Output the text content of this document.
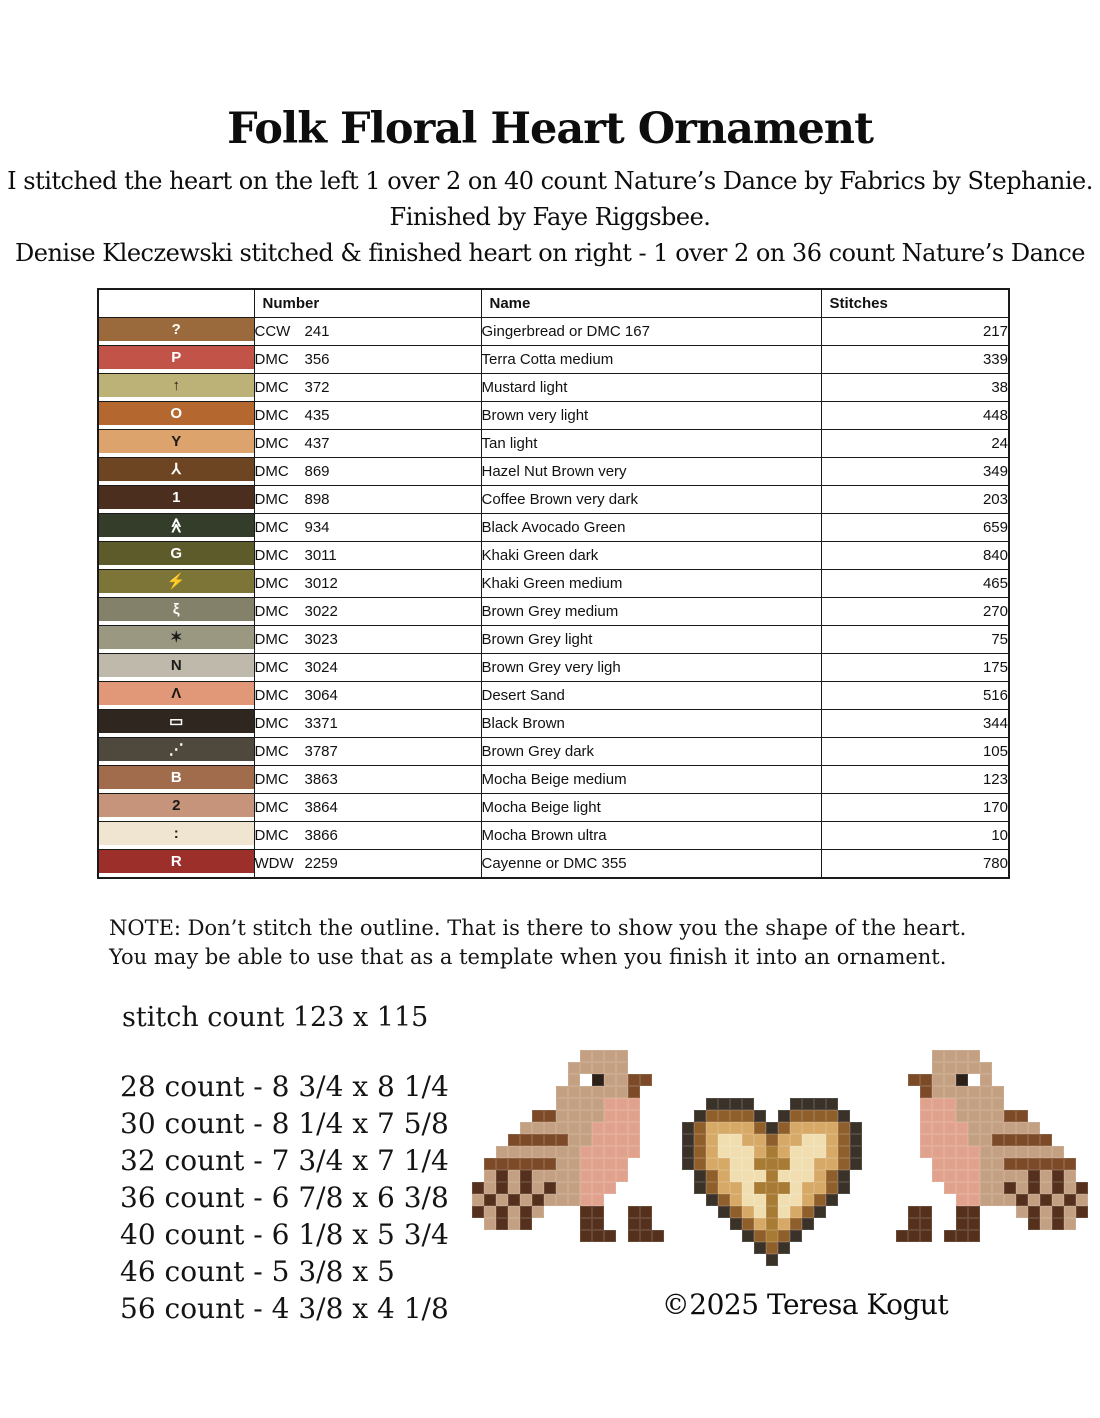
Folk Floral Heart Ornament
I stitched the heart on the left 1 over 2 on 40 count Nature’s Dance by Fabrics by Stephanie.
Finished by Faye Riggsbee.
Denise Kleczewski stitched & finished heart on right - 1 over 2 on 36 count Nature’s Dance
	Number	Name	Stitches

?	CCW 241	Gingerbread or DMC 167	217

P	DMC 356	Terra Cotta medium	339

↑	DMC 372	Mustard light	38

O	DMC 435	Brown very light	448

Y	DMC 437	Tan light	24

⅄	DMC 869	Hazel Nut Brown very	349

1	DMC 898	Coffee Brown very dark	203

≪	DMC 934	Black Avocado Green	659

G	DMC 3011	Khaki Green dark	840

⚡	DMC 3012	Khaki Green medium	465

ξ	DMC 3022	Brown Grey medium	270

✶	DMC 3023	Brown Grey light	75

N	DMC 3024	Brown Grey very ligh	175

Λ	DMC 3064	Desert Sand	516

▭	DMC 3371	Black Brown	344

⋰	DMC 3787	Brown Grey dark	105

B	DMC 3863	Mocha Beige medium	123

2	DMC 3864	Mocha Beige light	170

:	DMC 3866	Mocha Brown ultra	10

R	WDW 2259	Cayenne or DMC 355	780
NOTE: Don’t stitch the outline. That is there to show you the shape of the heart.
You may be able to use that as a template when you finish it into an ornament.
stitch count 123 x 115
28 count - 8 3/4 x 8 1/4
30 count - 8 1/4 x 7 5/8
32 count - 7 3/4 x 7 1/4
36 count - 6 7/8 x 6 3/8
40 count - 6 1/8 x 5 3/4
46 count - 5 3/8 x 5
56 count - 4 3/8 x 4 1/8	©2025 Teresa Kogut
